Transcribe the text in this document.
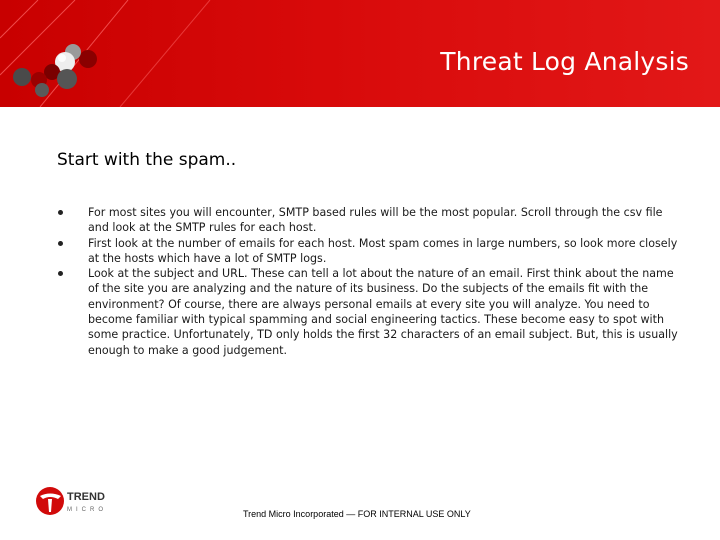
Threat Log Analysis
Start with the spam..
For most sites you will encounter, SMTP based rules will be the most popular. Scroll through the csv file and look at the SMTP rules for each host.
First look at the number of emails for each host. Most spam comes in large numbers, so look more closely at the hosts which have a lot of SMTP logs.
Look at the subject and URL. These can tell a lot about the nature of an email. First think about the name of the site you are analyzing and the nature of its business. Do the subjects of the emails fit with the environment? Of course, there are always personal emails at every site you will analyze. You need to become familiar with typical spamming and social engineering tactics. These become easy to spot with some practice. Unfortunately, TD only holds the first 32 characters of an email subject. But, this is usually enough to make a good judgement.
TREND
MICRO	Trend Micro Incorporated — FOR INTERNAL USE ONLY
